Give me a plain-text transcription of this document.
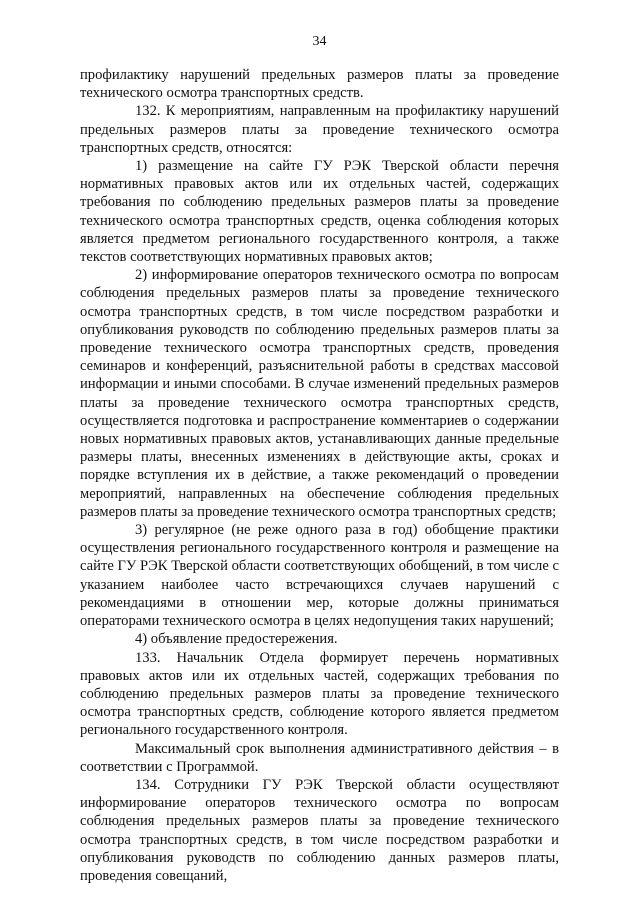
34

профилактику нарушений предельных размеров платы за проведение технического осмотра транспортных средств.

132. К мероприятиям, направленным на профилактику нарушений предельных размеров платы за проведение технического осмотра транспортных средств, относятся:

1) размещение на сайте ГУ РЭК Тверской области перечня нормативных правовых актов или их отдельных частей, содержащих требования по соблюдению предельных размеров платы за проведение технического осмотра транспортных средств, оценка соблюдения которых является предметом регионального государственного контроля, а также текстов соответствующих нормативных правовых актов;

2) информирование операторов технического осмотра по вопросам соблюдения предельных размеров платы за проведение технического осмотра транспортных средств, в том числе посредством разработки и опубликования руководств по соблюдению предельных размеров платы за проведение технического осмотра транспортных средств, проведения семинаров и конференций, разъяснительной работы в средствах массовой информации и иными способами. В случае изменений предельных размеров платы за проведение технического осмотра транспортных средств, осуществляется подготовка и распространение комментариев о содержании новых нормативных правовых актов, устанавливающих данные предельные размеры платы, внесенных изменениях в действующие акты, сроках и порядке вступления их в действие, а также рекомендаций о проведении мероприятий, направленных на обеспечение соблюдения предельных размеров платы за проведение технического осмотра транспортных средств;

3) регулярное (не реже одного раза в год) обобщение практики осуществления регионального государственного контроля и размещение на сайте ГУ РЭК Тверской области соответствующих обобщений, в том числе с указанием наиболее часто встречающихся случаев нарушений с рекомендациями в отношении мер, которые должны приниматься операторами технического осмотра в целях недопущения таких нарушений;

4) объявление предостережения.

133. Начальник Отдела формирует перечень нормативных правовых актов или их отдельных частей, содержащих требования по соблюдению предельных размеров платы за проведение технического осмотра транспортных средств, соблюдение которого является предметом регионального государственного контроля.

Максимальный срок выполнения административного действия – в соответствии с Программой.

134. Сотрудники ГУ РЭК Тверской области осуществляют информирование операторов технического осмотра по вопросам соблюдения предельных размеров платы за проведение технического осмотра транспортных средств, в том числе посредством разработки и опубликования руководств по соблюдению данных размеров платы, проведения совещаний,
